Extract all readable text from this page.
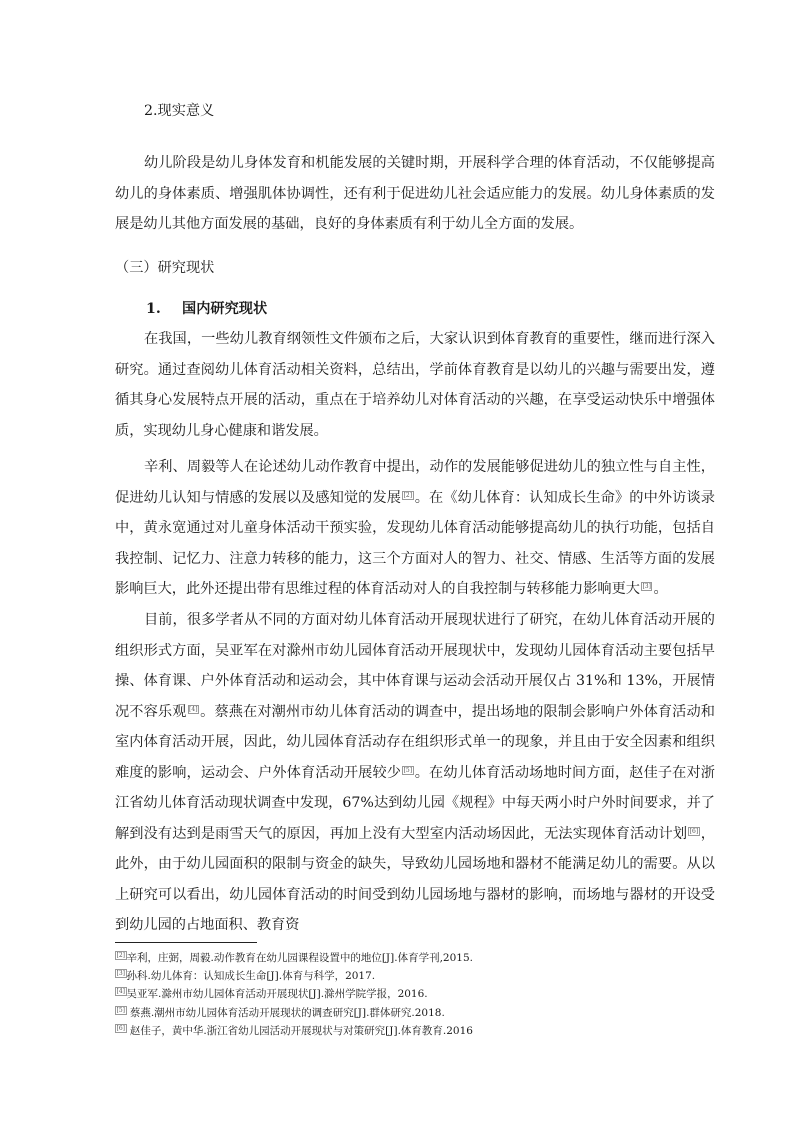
2.现实意义
幼儿阶段是幼儿身体发育和机能发展的关键时期，开展科学合理的体育活动，不仅能够提高幼儿的身体素质、增强肌体协调性，还有利于促进幼儿社会适应能力的发展。幼儿身体素质的发展是幼儿其他方面发展的基础，良好的身体素质有利于幼儿全方面的发展。
（三）研究现状
1. 国内研究现状
在我国，一些幼儿教育纲领性文件颁布之后，大家认识到体育教育的重要性，继而进行深入研究。通过查阅幼儿体育活动相关资料，总结出，学前体育教育是以幼儿的兴趣与需要出发，遵循其身心发展特点开展的活动，重点在于培养幼儿对体育活动的兴趣，在享受运动快乐中增强体质，实现幼儿身心健康和谐发展。
辛利、周毅等人在论述幼儿动作教育中提出，动作的发展能够促进幼儿的独立性与自主性，促进幼儿认知与情感的发展以及感知觉的发展 [2] 。在《幼儿体育：认知成长生命》的中外访谈录中，黄永宽通过对儿童身体活动干预实验，发现幼儿体育活动能够提高幼儿的执行功能，包括自我控制、记忆力、注意力转移的能力，这三个方面对人的智力、社交、情感、生活等方面的发展影响巨大，此外还提出带有思维过程的体育活动对人的自我控制与转移能力影响更大 [3] 。
目前，很多学者从不同的方面对幼儿体育活动开展现状进行了研究，在幼儿体育活动开展的组织形式方面，吴亚军在对滁州市幼儿园体育活动开展现状中，发现幼儿园体育活动主要包括早操、体育课、户外体育活动和运动会，其中体育课与运动会活动开展仅占 31%和 13%，开展情况不容乐观 [4] 。蔡燕在对潮州市幼儿体育活动的调查中，提出场地的限制会影响户外体育活动和室内体育活动开展，因此，幼儿园体育活动存在组织形式单一的现象，并且由于安全因素和组织难度的影响，运动会、户外体育活动开展较少 [5] 。在幼儿体育活动场地时间方面，赵佳子在对浙江省幼儿体育活动现状调查中发现，67%达到幼儿园《规程》中每天两小时户外时间要求，并了解到没有达到是雨雪天气的原因，再加上没有大型室内活动场因此，无法实现体育活动计划 [6] ，此外，由于幼儿园面积的限制与资金的缺失，导致幼儿园场地和器材不能满足幼儿的需要。从以上研究可以看出，幼儿园体育活动的时间受到幼儿园场地与器材的影响，而场地与器材的开设受到幼儿园的占地面积、教育资
[2] 辛利，庄弼，周毅.动作教育在幼儿园课程设置中的地位[J].体育学刊,2015.
[3] 孙科.幼儿体育：认知成长生命[J].体育与科学，2017.
[4] 吴亚军.滁州市幼儿园体育活动开展现状[J].滁州学院学报，2016.
[5] 蔡燕.潮州市幼儿园体育活动开展现状的调查研究[J].群体研究.2018.
[6] 赵佳子，黄中华.浙江省幼儿园活动开展现状与对策研究[J].体育教育.2016
